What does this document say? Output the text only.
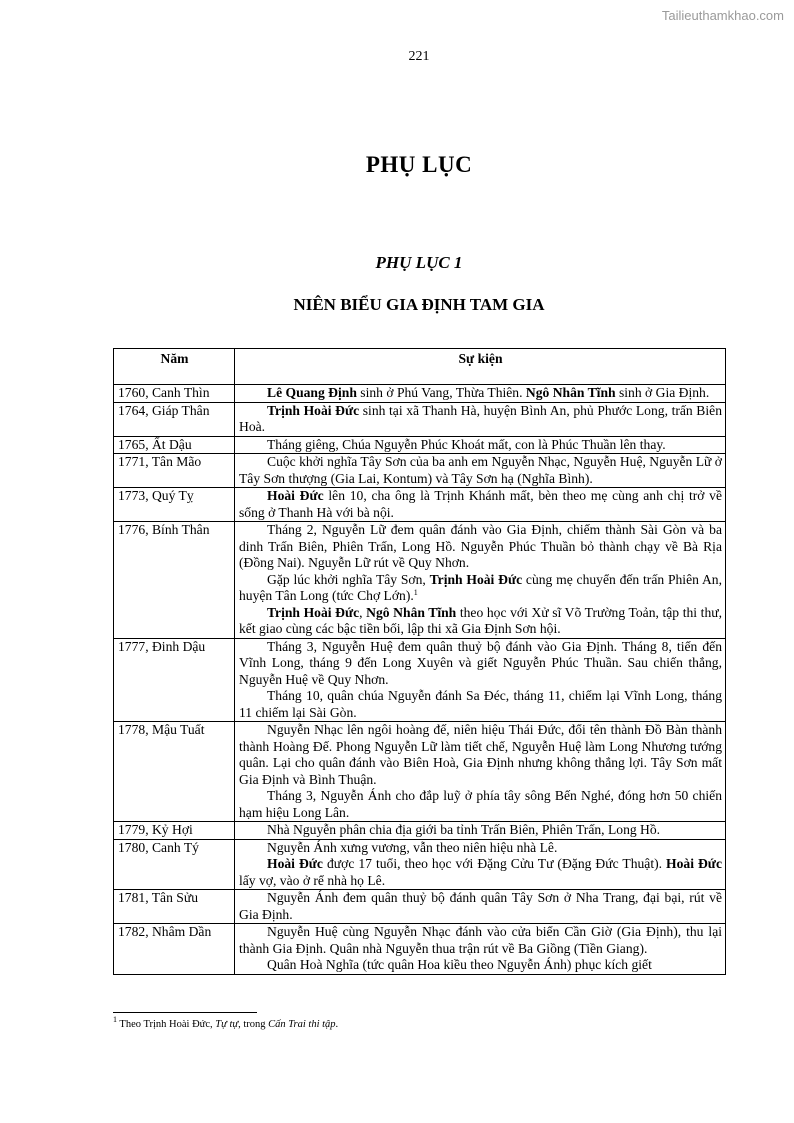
Tailieuthamkhao.com
221
PHỤ LỤC
PHỤ LỤC 1
NIÊN BIỂU GIA ĐỊNH TAM GIA
Năm	Sự kiện
1760, Canh Thìn	Lê Quang Định sinh ở Phú Vang, Thừa Thiên. Ngô Nhân Tĩnh sinh ở Gia Định.

1764, Giáp Thân	Trịnh Hoài Đức sinh tại xã Thanh Hà, huyện Bình An, phủ Phước Long, trấn Biên Hoà.

1765, Ất Dậu	Tháng giêng, Chúa Nguyễn Phúc Khoát mất, con là Phúc Thuần lên thay.

1771, Tân Mão	Cuộc khởi nghĩa Tây Sơn của ba anh em Nguyễn Nhạc, Nguyễn Huệ, Nguyễn Lữ ở Tây Sơn thượng (Gia Lai, Kontum) và Tây Sơn hạ (Nghĩa Bình).

1773, Quý Tỵ	Hoài Đức lên 10, cha ông là Trịnh Khánh mất, bèn theo mẹ cùng anh chị trở về sống ở Thanh Hà với bà nội.

1776, Bính Thân	Tháng 2, Nguyễn Lữ đem quân đánh vào Gia Định, chiếm thành Sài Gòn và ba dinh Trấn Biên, Phiên Trấn, Long Hồ. Nguyễn Phúc Thuần bỏ thành chạy về Bà Rịa (Đồng Nai). Nguyễn Lữ rút về Quy Nhơn.

Gặp lúc khởi nghĩa Tây Sơn, Trịnh Hoài Đức cùng mẹ chuyển đến trấn Phiên An, huyện Tân Long (tức Chợ Lớn).$^1$

Trịnh Hoài Đức, Ngô Nhân Tĩnh theo học với Xử sĩ Võ Trường Toản, tập thi thư, kết giao cùng các bậc tiền bối, lập thi xã Gia Định Sơn hội.

1777, Đinh Dậu	Tháng 3, Nguyễn Huệ đem quân thuỷ bộ đánh vào Gia Định. Tháng 8, tiến đến Vĩnh Long, tháng 9 đến Long Xuyên và giết Nguyễn Phúc Thuần. Sau chiến thắng, Nguyễn Huệ về Quy Nhơn.

Tháng 10, quân chúa Nguyễn đánh Sa Đéc, tháng 11, chiếm lại Vĩnh Long, tháng 11 chiếm lại Sài Gòn.

1778, Mậu Tuất	Nguyễn Nhạc lên ngôi hoàng đế, niên hiệu Thái Đức, đổi tên thành Đồ Bàn thành thành Hoàng Đế. Phong Nguyễn Lữ làm tiết chế, Nguyễn Huệ làm Long Nhương tướng quân. Lại cho quân đánh vào Biên Hoà, Gia Định nhưng không thắng lợi. Tây Sơn mất Gia Định và Bình Thuận.

Tháng 3, Nguyễn Ánh cho đắp luỹ ở phía tây sông Bến Nghé, đóng hơn 50 chiến hạm hiệu Long Lân.

1779, Kỷ Hợi	Nhà Nguyễn phân chia địa giới ba tỉnh Trấn Biên, Phiên Trấn, Long Hồ.

1780, Canh Tý	Nguyễn Ánh xưng vương, vẫn theo niên hiệu nhà Lê.

Hoài Đức được 17 tuổi, theo học với Đặng Cửu Tư (Đặng Đức Thuật). Hoài Đức lấy vợ, vào ở rể nhà họ Lê.

1781, Tân Sửu	Nguyễn Ánh đem quân thuỷ bộ đánh quân Tây Sơn ở Nha Trang, đại bại, rút về Gia Định.

1782, Nhâm Dần	Nguyễn Huệ cùng Nguyễn Nhạc đánh vào cửa biển Cần Giờ (Gia Định), thu lại thành Gia Định. Quân nhà Nguyễn thua trận rút về Ba Giồng (Tiền Giang).

Quân Hoà Nghĩa (tức quân Hoa kiều theo Nguyễn Ánh) phục kích giết

$^1$ Theo Trịnh Hoài Đức, Tự tự, trong Cấn Trai thi tập.
